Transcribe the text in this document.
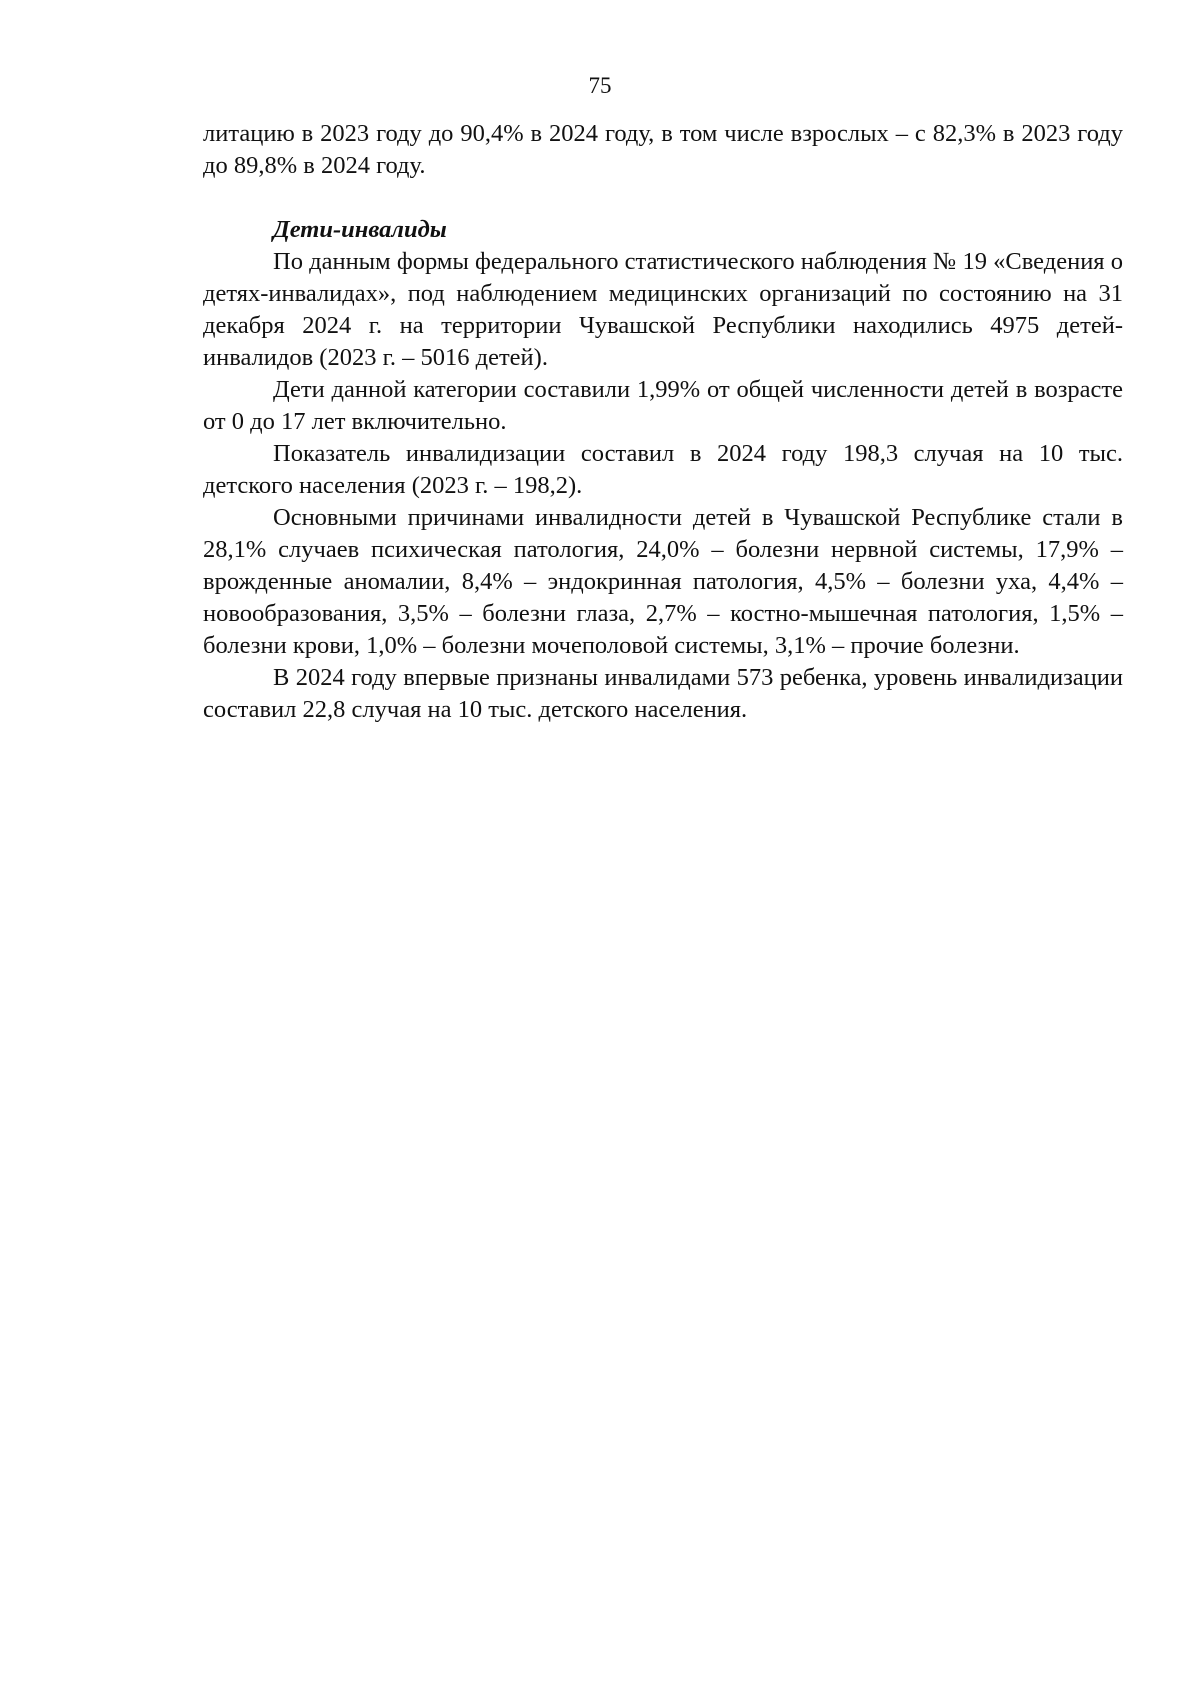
75

литацию в 2023 году до 90,4% в 2024 году, в том числе взрослых – с 82,3% в 2023 году до 89,8% в 2024 году.

Дети-инвалиды

По данным формы федерального статистического наблюдения № 19 «Сведения о детях-инвалидах», под наблюдением медицинских организаций по состоянию на 31 декабря 2024 г. на территории Чувашской Республики находились 4975 детей-инвалидов (2023 г. – 5016 детей).

Дети данной категории составили 1,99% от общей численности детей в возрасте от 0 до 17 лет включительно.

Показатель инвалидизации составил в 2024 году 198,3 случая на 10 тыс. детского населения (2023 г. – 198,2).

Основными причинами инвалидности детей в Чувашской Республике стали в 28,1% случаев психическая патология, 24,0% – болезни нервной системы, 17,9% – врожденные аномалии, 8,4% – эндокринная патология, 4,5% – болезни уха, 4,4% – новообразования, 3,5% – болезни глаза, 2,7% – костно-мышечная патология, 1,5% – болезни крови, 1,0% – болезни мочеполовой системы, 3,1% – прочие болезни.

В 2024 году впервые признаны инвалидами 573 ребенка, уровень инвалидизации составил 22,8 случая на 10 тыс. детского населения.
